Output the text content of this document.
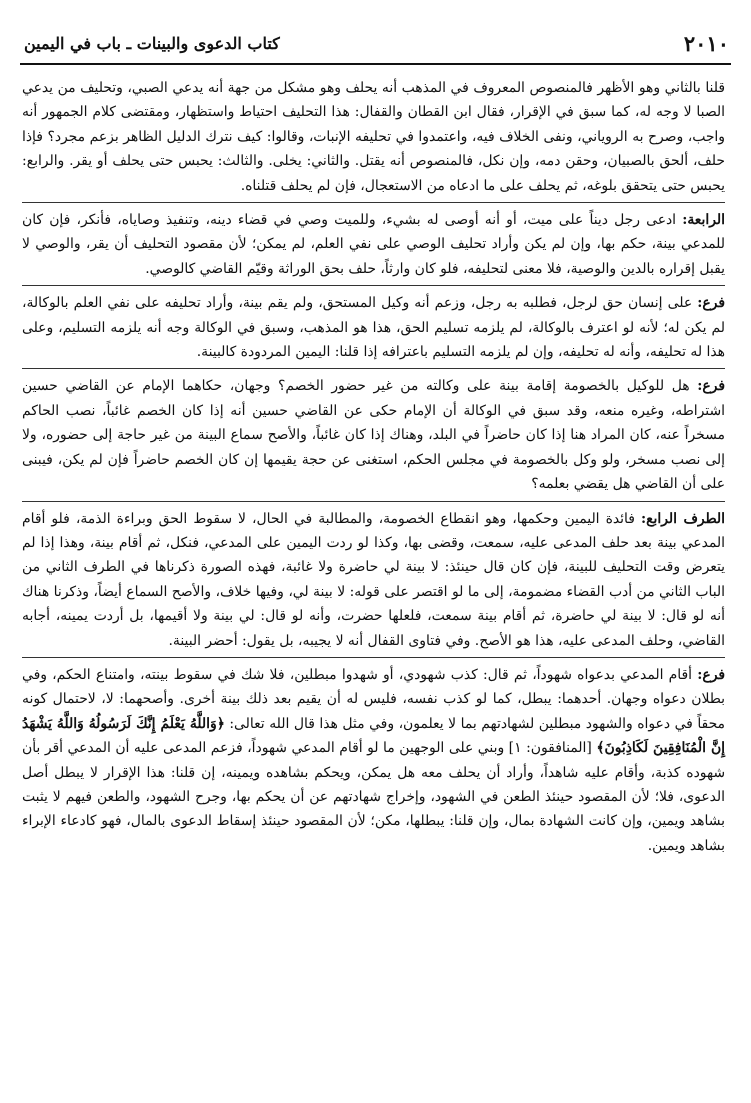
٢٠١٠
كتاب الدعوى والبينات ـ باب في اليمين

قلنا بالثاني وهو الأظهر فالمنصوص المعروف في المذهب أنه يحلف وهو مشكل من جهة أنه يدعي الصبي، وتحليف من يدعي الصبا لا وجه له، كما سبق في الإقرار، فقال ابن القطان والقفال: هذا التحليف احتياط واستظهار، ومقتضى كلام الجمهور أنه واجب، وصرح به الروياني، ونفى الخلاف فيه، واعتمدوا في تحليفه الإنبات، وقالوا: كيف نترك الدليل الظاهر بزعم مجرد؟ فإذا حلف، ألحق بالصبيان، وحقن دمه، وإن نكل، فالمنصوص أنه يقتل. والثاني: يخلى. والثالث: يحبس حتى يحلف أو يقر. والرابع: يحبس حتى يتحقق بلوغه، ثم يحلف على ما ادعاه من الاستعجال، فإن لم يحلف قتلناه.

الرابعة: ادعى رجل ديناً على ميت، أو أنه أوصى له بشيء، وللميت وصي في قضاء دينه، وتنفيذ وصاياه، فأنكر، فإن كان للمدعي بينة، حكم بها، وإن لم يكن وأراد تحليف الوصي على نفي العلم، لم يمكن؛ لأن مقصود التحليف أن يقر، والوصي لا يقبل إقراره بالدين والوصية، فلا معنى لتحليفه، فلو كان وارثاً، حلف بحق الوراثة وقيّم القاضي كالوصي.

فرع: على إنسان حق لرجل، فطلبه به رجل، وزعم أنه وكيل المستحق، ولم يقم بينة، وأراد تحليفه على نفي العلم بالوكالة، لم يكن له؛ لأنه لو اعترف بالوكالة، لم يلزمه تسليم الحق، هذا هو المذهب، وسبق في الوكالة وجه أنه يلزمه التسليم، وعلى هذا له تحليفه، وأنه له تحليفه، وإن لم يلزمه التسليم باعترافه إذا قلنا: اليمين المردودة كالبينة.

فرع: هل للوكيل بالخصومة إقامة بينة على وكالته من غير حضور الخصم؟ وجهان، حكاهما الإمام عن القاضي حسين اشتراطه، وغيره منعه، وقد سبق في الوكالة أن الإمام حكى عن القاضي حسين أنه إذا كان الخصم غائباً، نصب الحاكم مسخراً عنه، كان المراد هنا إذا كان حاضراً في البلد، وهناك إذا كان غائباً، والأصح سماع البينة من غير حاجة إلى حضوره، ولا إلى نصب مسخر، ولو وكل بالخصومة في مجلس الحكم، استغنى عن حجة يقيمها إن كان الخصم حاضراً فإن لم يكن، فيبنى على أن القاضي هل يقضي بعلمه؟

الطرف الرابع: فائدة اليمين وحكمها، وهو انقطاع الخصومة، والمطالبة في الحال، لا سقوط الحق وبراءة الذمة، فلو أقام المدعي بينة بعد حلف المدعى عليه، سمعت، وقضى بها، وكذا لو ردت اليمين على المدعي، فنكل، ثم أقام بينة، وهذا إذا لم يتعرض وقت التحليف للبينة، فإن كان قال حينئذ: لا بينة لي حاضرة ولا غائبة، فهذه الصورة ذكرناها في الطرف الثاني من الباب الثاني من أدب القضاء مضمومة، إلى ما لو اقتصر على قوله: لا بينة لي، وفيها خلاف، والأصح السماع أيضاً، وذكرنا هناك أنه لو قال: لا بينة لي حاضرة، ثم أقام بينة سمعت، فلعلها حضرت، وأنه لو قال: لي بينة ولا أقيمها، بل أردت يمينه، أجابه القاضي، وحلف المدعى عليه، هذا هو الأصح. وفي فتاوى القفال أنه لا يجيبه، بل يقول: أحضر البينة.

فرع: أقام المدعي بدعواه شهوداً، ثم قال: كذب شهودي، أو شهدوا مبطلين، فلا شك في سقوط بينته، وامتناع الحكم، وفي بطلان دعواه وجهان. أحدهما: يبطل، كما لو كذب نفسه، فليس له أن يقيم بعد ذلك بينة أخرى. وأصحهما: لا، لاحتمال كونه محقاً في دعواه والشهود مبطلين لشهادتهم بما لا يعلمون، وفي مثل هذا قال الله تعالى: ﴿وَاللَّهُ يَعْلَمُ إِنَّكَ لَرَسُولُهُ وَاللَّهُ يَشْهَدُ إِنَّ الْمُنَافِقِينَ لَكَاذِبُونَ﴾ [المنافقون: ١] وبني على الوجهين ما لو أقام المدعي شهوداً، فزعم المدعى عليه أن المدعي أقر بأن شهوده كذبة، وأقام عليه شاهداً، وأراد أن يحلف معه هل يمكن، ويحكم بشاهده ويمينه، إن قلنا: هذا الإقرار لا يبطل أصل الدعوى، فلا؛ لأن المقصود حينئذ الطعن في الشهود، وإخراج شهادتهم عن أن يحكم بها، وجرح الشهود، والطعن فيهم لا يثبت بشاهد ويمين، وإن كانت الشهادة بمال، وإن قلنا: يبطلها، مكن؛ لأن المقصود حينئذ إسقاط الدعوى بالمال، فهو كادعاء الإبراء بشاهد ويمين.
